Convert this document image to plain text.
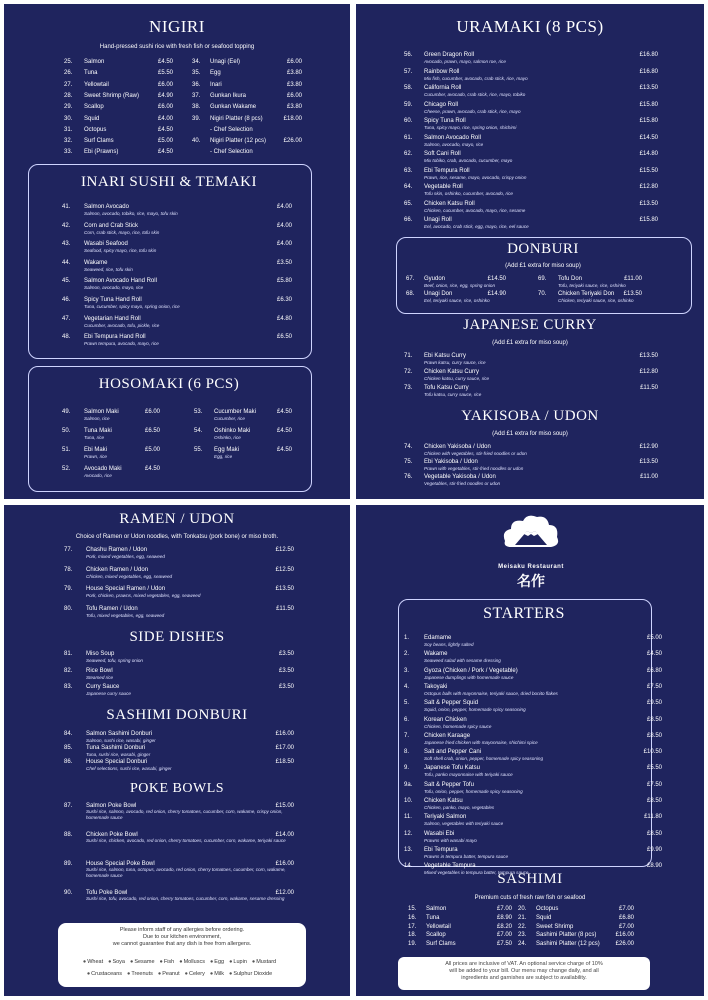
NIGIRI
Hand-pressed sushi rice with fresh fish or seafood topping
25. Salmon	£4.50
26. Tuna	£5.50
27. Yellowtail	£6.00
28. Sweet Shrimp (Raw)	£4.90
29. Scallop	£6.00
30. Squid	£4.00
31. Octopus	£4.50
32. Surf Clams	£5.00
33. Ebi (Prawns)	£4.50
34. Unagi (Eel)	£6.00
35. Egg	£3.80
36. Inari	£3.80
37. Gunkan Ikura	£6.00
38. Gunkan Wakame	£3.80
39. Nigiri Platter (8 pcs)	£18.00
- Chef Selection
40. Nigiri Platter (12 pcs)	£26.00
- Chef Selection
INARI SUSHI & TEMAKI
41. Salmon Avocado
Salmon, avocado, tobiko, rice, mayo, tofu skin
£4.00
42. Corn and Crab Stick
Corn, crab stick, mayo, rice, tofu skin
£4.00
43. Wasabi Seafood
Seafood, spicy mayo, rice, tofu skin
£4.00
44. Wakame
Seaweed, rice, tofu skin
£3.50
45. Salmon Avocado Hand Roll
Salmon, avocado, mayo, rice
£5.80
46. Spicy Tuna Hand Roll
Tuna, cucumber, spicy mayo, spring onion, rice
£6.30
47. Vegetarian Hand Roll
Cucumber, avocado, tofu, pickle, rice
£4.80
48. Ebi Tempura Hand Roll
Prawn tempura, avocado, mayo, rice
£6.50
HOSOMAKI (6 PCS)
49. Salmon Maki
Salmon, rice
£6.00
50. Tuna Maki
Tuna, rice
£6.50
51. Ebi Maki
Prawn, rice
£5.00
52. Avocado Maki
Avocado, rice
£4.50
53. Cucumber Maki
Cucumber, rice
£4.50
54. Oshinko Maki
Oshinko, rice
£4.50
55. Egg Maki
Egg, rice
£4.50
URAMAKI (8 PCS)
56. Green Dragon Roll
Avocado, prawn, mayo, salmon roe, rice
£16.80
57. Rainbow Roll
Mix fish, cucumber, avocado, crab stick, rice, mayo
£16.80
58. California Roll
Cucumber, avocado, crab stick, rice, mayo, tobiko
£13.50
59. Chicago Roll
Cheese, prawn, avocado, crab stick, rice, mayo
£15.80
60. Spicy Tuna Roll
Tuna, spicy mayo, rice, spring onion, shichimi
£15.80
61. Salmon Avocado Roll
Salmon, avocado, mayo, rice
£14.50
62. Soft Cani Roll
Mix tobiko, crab, avocado, cucumber, mayo
£14.80
63. Ebi Tempura Roll
Prawn, rice, sesame, mayo, avocado, crispy onion
£15.50
64. Vegetable Roll
Tofu skin, oshinko, cucumber, avocado, rice
£12.80
65. Chicken Katsu Roll
Chicken, cucumber, avocado, mayo, rice, sesame
£13.50
66. Unagi Roll
Eel, avocado, crab stick, egg, mayo, rice, eel sauce
£15.80
DONBURI
(Add £1 extra for miso soup)
67. Gyudon
Beef, onion, rice, egg, spring onion
£14.50
68. Unagi Don
Eel, teriyaki sauce, rice, oshinko
£14.90
69. Tofu Don
Tofu, teriyaki sauce, rice, oshinko
£11.00
70. Chicken Teriyaki Don
Chicken, teriyaki sauce, rice, oshinko
£13.50
JAPANESE CURRY
(Add £1 extra for miso soup)
71. Ebi Katsu Curry
Prawn katsu, curry sauce, rice
£13.50
72. Chicken Katsu Curry
Chicken katsu, curry sauce, rice
£12.80
73. Tofu Katsu Curry
Tofu katsu, curry sauce, rice
£11.50
YAKISOBA / UDON
(Add £1 extra for miso soup)
74. Chicken Yakisoba / Udon
Chicken with vegetables, stir-fried noodles or udon
£12.90
75. Ebi Yakisoba / Udon
Prawn with vegetables, stir-fried noodles or udon
£13.50
76. Vegetable Yakisoba / Udon
Vegetables, stir-fried noodles or udon
£11.00
RAMEN / UDON
Choice of Ramen or Udon noodles, with Tonkatsu (pork bone) or miso broth.
77. Chashu Ramen / Udon
Pork, mixed vegetables, egg, seaweed
£12.50
78. Chicken Ramen / Udon
Chicken, mixed vegetables, egg, seaweed
£12.50
79. House Special Ramen / Udon
Pork, chicken, prawns, mixed vegetables, egg, seaweed
£13.50
80. Tofu Ramen / Udon
Tofu, mixed vegetables, egg, seaweed
£11.50
SIDE DISHES
81. Miso Soup
Seaweed, tofu, spring onion
£3.50
82. Rice Bowl
Steamed rice
£3.50
83. Curry Sauce
Japanese curry sauce
£3.50
SASHIMI DONBURI
84. Salmon Sashimi Donburi
Salmon, sushi rice, wasabi, ginger
£16.00
85. Tuna Sashimi Donburi
Tuna, sushi rice, wasabi, ginger
£17.00
86. House Special Donburi
Chef selections, sushi rice, wasabi, ginger
£18.50
POKE BOWLS
87. Salmon Poke Bowl
Sushi rice, salmon, avocado, red onion, cherry tomatoes, cucumber, corn, wakame, crispy onion, homemade sauce
£15.00
88. Chicken Poke Bowl
Sushi rice, chicken, avocado, red onion, cherry tomatoes, cucumber, corn, wakame, teriyaki sauce
£14.00
89. House Special Poke Bowl
Sushi rice, salmon, tuna, octopus, avocado, red onion, cherry tomatoes, cucumber, corn, wakame, homemade sauce
£16.00
90. Tofu Poke Bowl
Sushi rice, tofu, avocado, red onion, cherry tomatoes, cucumber, corn, wakame, sesame dressing
£12.00
Please inform staff of any allergies before ordering.
Due to our kitchen environment,
we cannot guarantee that any dish is free from allergens.
●Wheat ●Soya ●Sesame ●Fish ●Molluscs ●Egg ●Lupin ●Mustard
●Crustaceans ●Treenuts ●Peanut ●Celery ●Milk ●Sulphur Dioxide
Meisaku Restaurant
名作
STARTERS
1. Edamame
Soy beans, lightly salted
£5.00
2. Wakame
Seaweed salad with sesame dressing
£4.50
3. Gyoza (Chicken / Pork / Vegetable)
Japanese dumplings with homemade sauce
£6.80
4. Takoyaki
Octopus balls with mayonnaise, teriyaki sauce, dried bonito flakes
£7.50
5. Salt & Pepper Squid
Squid, onion, pepper, homemade spicy seasoning
£9.50
6. Korean Chicken
Chicken, homemade spicy sauce
£8.50
7. Chicken Karaage
Japanese fried chicken with mayonnaise, shichimi spice
£8.50
8. Salt and Pepper Cani
Soft shell crab, onion, pepper, homemade spicy seasoning
£10.50
9. Japanese Tofu Katsu
Tofu, panko mayonnaise with teriyaki sauce
£5.50
9a. Salt & Pepper Tofu
Tofu, onion, pepper, homemade spicy seasoning
£7.50
10. Chicken Katsu
Chicken, panko, mayo, vegetables
£8.50
11. Teriyaki Salmon
Salmon, vegetables with teriyaki sauce
£11.80
12. Wasabi Ebi
Prawns with wasabi mayo
£8.50
13. Ebi Tempura
Prawns in tempura batter, tempura sauce
£9.90
14. Vegetable Tempura
Mixed vegetables in tempura batter, tempura sauce
£8.90
SASHIMI
Premium cuts of fresh raw fish or seafood
15. Salmon	£7.00
16. Tuna	£8.90
17. Yellowtail	£8.20
18. Scallop	£7.00
19. Surf Clams	£7.50
20. Octopus	£7.00
21. Squid	£6.80
22. Sweet Shrimp	£7.00
23. Sashimi Platter (8 pcs)	£16.00
24. Sashimi Platter (12 pcs)	£26.00
All prices are inclusive of VAT. An optional service charge of 10%
will be added to your bill. Our menu may change daily, and all
ingredients and garnishes are subject to availability.
